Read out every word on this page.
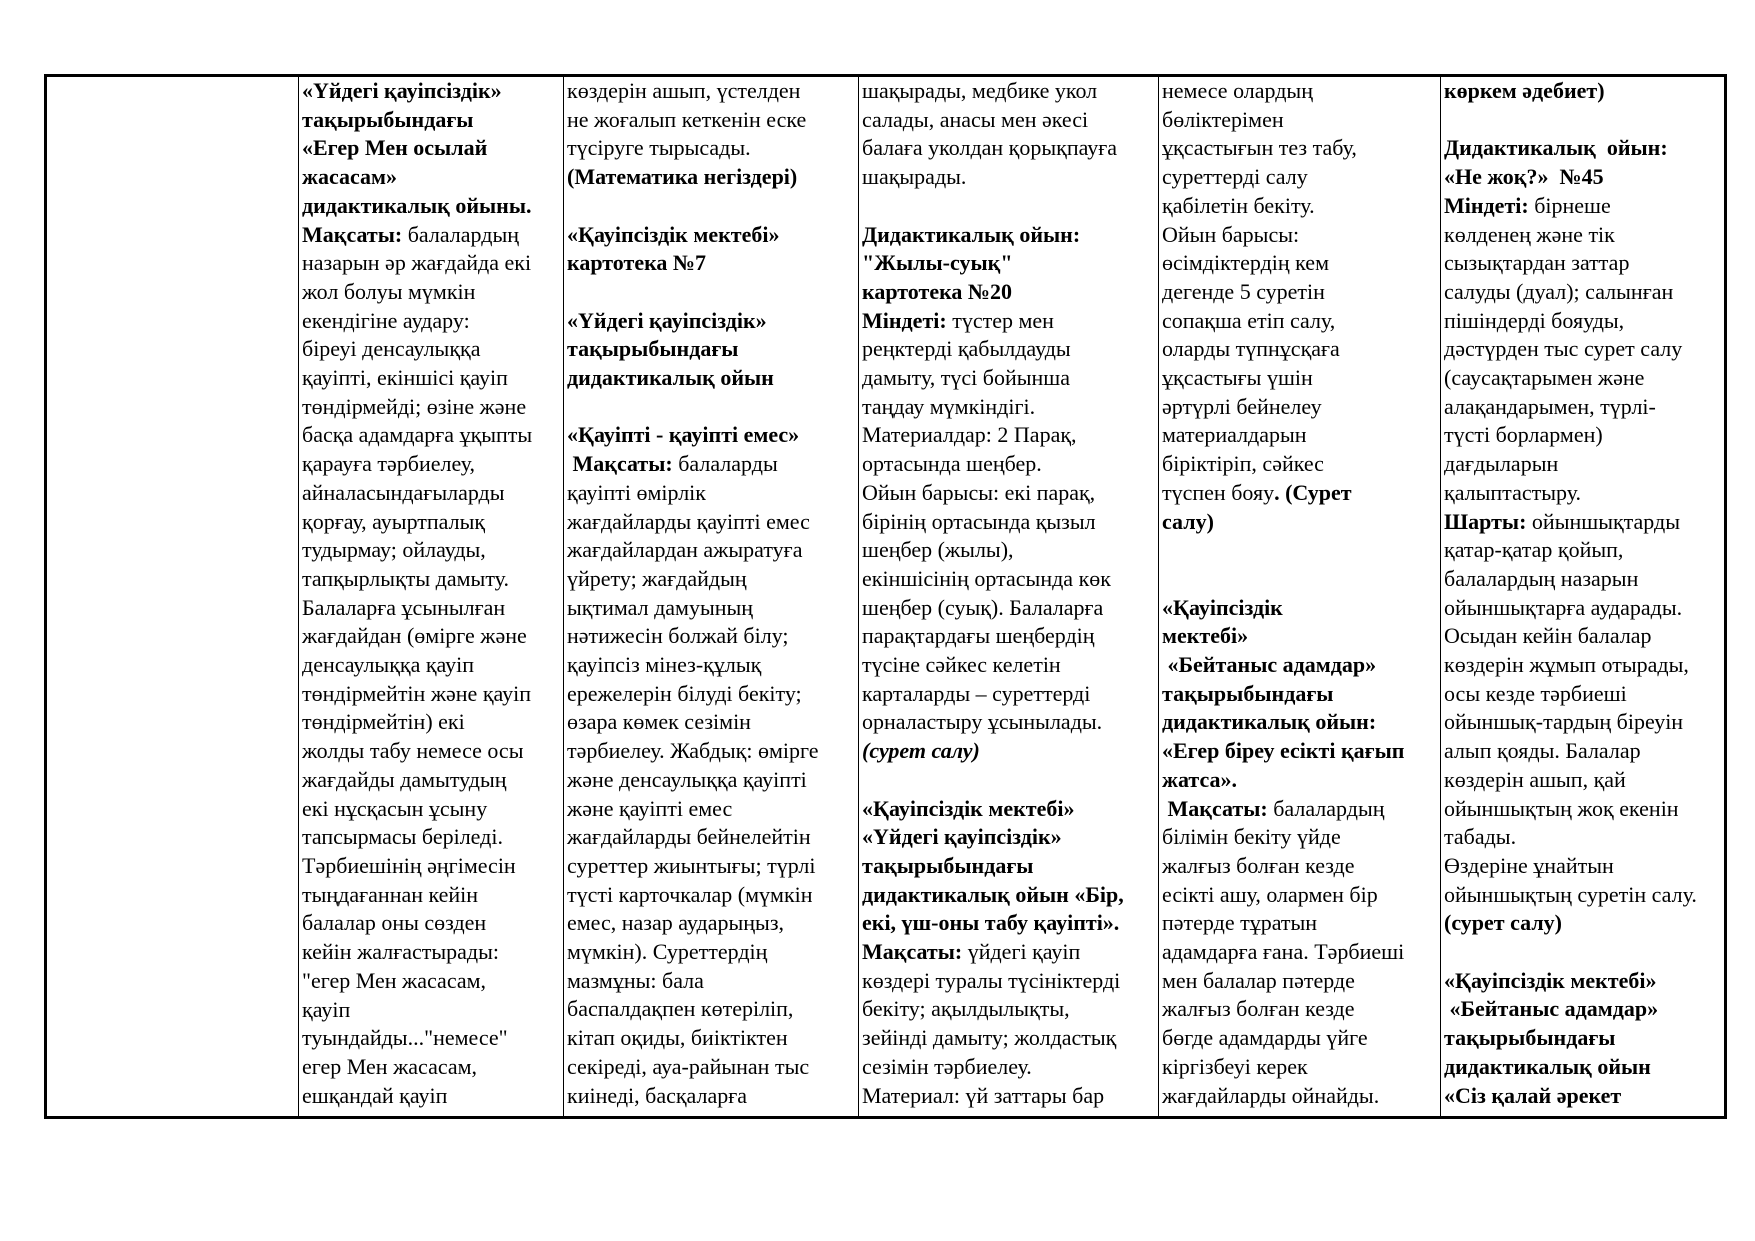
«Үйдегі қауіпсіздік»
тақырыбындағы
«Егер Мен осылай
жасасам»
дидактикалық ойыны.
Мақсаты: балалардың
назарын әр жағдайда екі
жол болуы мүмкін
екендігіне аудару:
біреуі денсаулыққа
қауіпті, екіншісі қауіп
төндірмейді; өзіне және
басқа адамдарға ұқыпты
қарауға тәрбиелеу,
айналасындағыларды
қорғау, ауыртпалық
тудырмау; ойлауды,
тапқырлықты дамыту.
Балаларға ұсынылған
жағдайдан (өмірге және
денсаулыққа қауіп
төндірмейтін және қауіп
төндірмейтін) екі
жолды табу немесе осы
жағдайды дамытудың
екі нұсқасын ұсыну
тапсырмасы беріледі.
Тәрбиешінің әңгімесін
тыңдағаннан кейін
балалар оны сөзден
кейін жалғастырады:
"егер Мен жасасам,
қауіп
туындайды..."немесе"
егер Мен жасасам,
ешқандай қауіп

көздерін ашып, үстелден
не жоғалып кеткенін еске
түсіруге тырысады.
(Математика негіздері)
«Қауіпсіздік мектебі»
картотека №7
«Үйдегі қауіпсіздік»
тақырыбындағы
дидактикалық ойын
«Қауіпті - қауіпті емес»
Мақсаты: балаларды
қауіпті өмірлік
жағдайларды қауіпті емес
жағдайлардан ажыратуға
үйрету; жағдайдың
ықтимал дамуының
нәтижесін болжай білу;
қауіпсіз мінез-құлық
ережелерін білуді бекіту;
өзара көмек сезімін
тәрбиелеу. Жабдық: өмірге
және денсаулыққа қауіпті
және қауіпті емес
жағдайларды бейнелейтін
суреттер жиынтығы; түрлі
түсті карточкалар (мүмкін
емес, назар аударыңыз,
мүмкін). Суреттердің
мазмұны: бала
баспалдақпен көтеріліп,
кітап оқиды, биіктіктен
секіреді, ауа-райынан тыс
киінеді, басқаларға

шақырады, медбике укол
салады, анасы мен әкесі
балаға уколдан қорықпауға
шақырады.
Дидактикалық ойын:
"Жылы-суық"
картотека №20
Міндеті: түстер мен
реңктерді қабылдауды
дамыту, түсі бойынша
таңдау мүмкіндігі.
Материалдар: 2 Парақ,
ортасында шеңбер.
Ойын барысы: екі парақ,
бірінің ортасында қызыл
шеңбер (жылы),
екіншісінің ортасында көк
шеңбер (суық). Балаларға
парақтардағы шеңбердің
түсіне сәйкес келетін
карталарды – суреттерді
орналастыру ұсынылады.
(сурет салу)
«Қауіпсіздік мектебі»
«Үйдегі қауіпсіздік»
тақырыбындағы
дидактикалық ойын «Бір,
екі, үш-оны табу қауіпті».
Мақсаты: үйдегі қауіп
көздері туралы түсініктерді
бекіту; ақылдылықты,
зейінді дамыту; жолдастық
сезімін тәрбиелеу.
Материал: үй заттары бар

немесе олардың
бөліктерімен
ұқсастығын тез табу,
суреттерді салу
қабілетін бекіту.
Ойын барысы:
өсімдіктердің кем
дегенде 5 суретін
сопақша етіп салу,
оларды түпнұсқаға
ұқсастығы үшін
әртүрлі бейнелеу
материалдарын
біріктіріп, сәйкес
түспен бояу. (Сурет
салу)
«Қауіпсіздік
мектебі»
«Бейтаныс адамдар»
тақырыбындағы
дидактикалық ойын:
«Егер біреу есікті қағып
жатса».
Мақсаты: балалардың
білімін бекіту үйде
жалғыз болған кезде
есікті ашу, олармен бір
пәтерде тұратын
адамдарға ғана. Тәрбиеші
мен балалар пәтерде
жалғыз болған кезде
бөгде адамдарды үйге
кіргізбеуі керек
жағдайларды ойнайды.

көркем әдебиет)
Дидактикалық  ойын:
«Не жоқ?»  №45
Міндеті: бірнеше
көлденең және тік
сызықтардан заттар
салуды (дуал); салынған
пішіндерді бояуды,
дәстүрден тыс сурет салу
(саусақтарымен және
алақандарымен, түрлі-
түсті борлармен)
дағдыларын
қалыптастыру.
Шарты: ойыншықтарды
қатар-қатар қойып,
балалардың назарын
ойыншықтарға аударады.
Осыдан кейін балалар
көздерін жұмып отырады,
осы кезде тәрбиеші
ойыншық-тардың біреуін
алып қояды. Балалар
көздерін ашып, қай
ойыншықтың жоқ екенін
табады.
Өздеріне ұнайтын
ойыншықтың суретін салу.
(сурет салу)
«Қауіпсіздік мектебі»
«Бейтаныс адамдар»
тақырыбындағы
дидактикалық ойын
«Сіз қалай әрекет
